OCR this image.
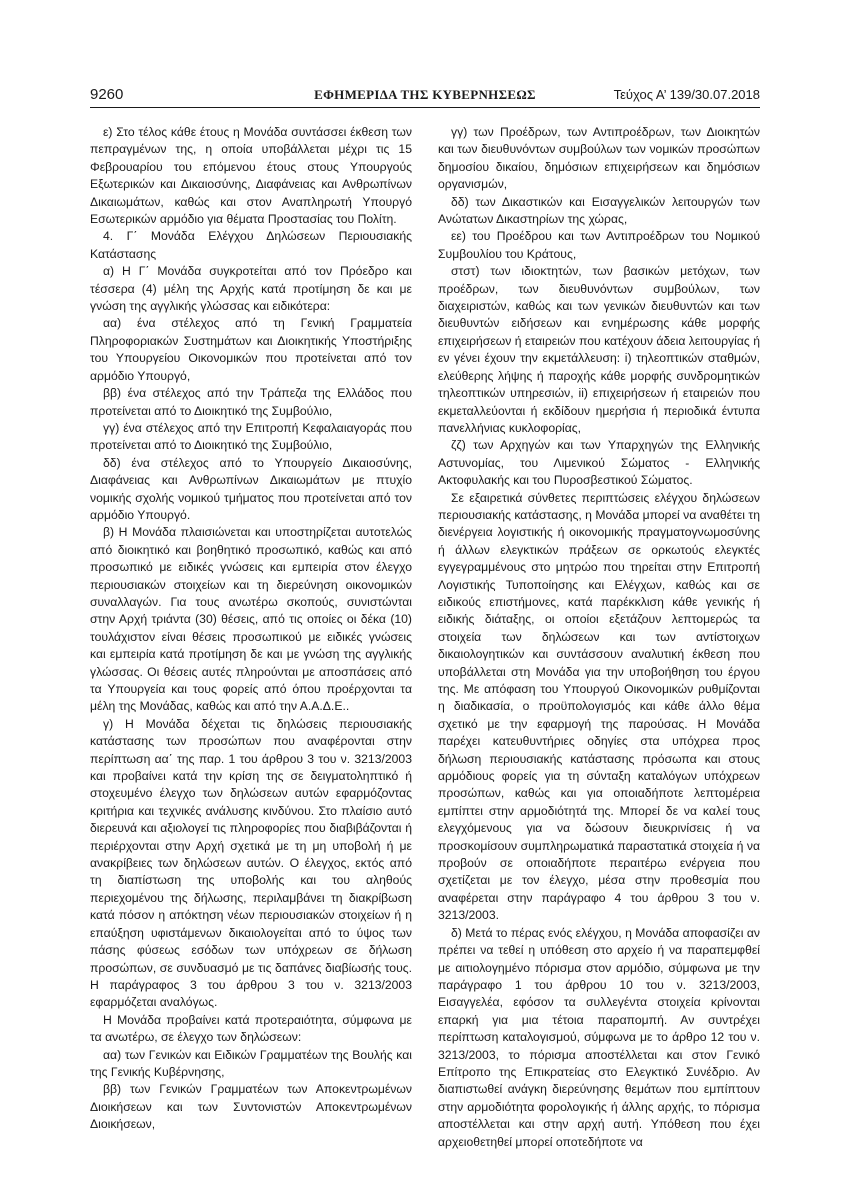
9260	ΕΦΗΜΕΡΙΔΑ ΤΗΣ ΚΥΒΕΡΝΗΣΕΩΣ	Τεύχος Α’ 139/30.07.2018

ε) Στο τέλος κάθε έτους η Μονάδα συντάσσει έκθεση των πεπραγμένων της, η οποία υποβάλλεται μέχρι τις 15 Φεβρουαρίου του επόμενου έτους στους Υπουργούς Εξωτερικών και Δικαιοσύνης, Διαφάνειας και Ανθρωπίνων Δικαιωμάτων, καθώς και στον Αναπληρωτή Υπουργό Εσωτερικών αρμόδιο για θέματα Προστασίας του Πολίτη.

4. Γ΄ Μονάδα Ελέγχου Δηλώσεων Περιουσιακής Κατάστασης

α) Η Γ΄ Μονάδα συγκροτείται από τον Πρόεδρο και τέσσερα (4) μέλη της Αρχής κατά προτίμηση δε και με γνώση της αγγλικής γλώσσας και ειδικότερα:

αα) ένα στέλεχος από τη Γενική Γραμματεία Πληροφοριακών Συστημάτων και Διοικητικής Υποστήριξης του Υπουργείου Οικονομικών που προτείνεται από τον αρμόδιο Υπουργό,

ββ) ένα στέλεχος από την Τράπεζα της Ελλάδος που προτείνεται από το Διοικητικό της Συμβούλιο,

γγ) ένα στέλεχος από την Επιτροπή Κεφαλαιαγοράς που προτείνεται από το Διοικητικό της Συμβούλιο,

δδ) ένα στέλεχος από το Υπουργείο Δικαιοσύνης, Διαφάνειας και Ανθρωπίνων Δικαιωμάτων με πτυχίο νομικής σχολής νομικού τμήματος που προτείνεται από τον αρμόδιο Υπουργό.

β) Η Μονάδα πλαισιώνεται και υποστηρίζεται αυτοτελώς από διοικητικό και βοηθητικό προσωπικό, καθώς και από προσωπικό με ειδικές γνώσεις και εμπειρία στον έλεγχο περιουσιακών στοιχείων και τη διερεύνηση οικονομικών συναλλαγών. Για τους ανωτέρω σκοπούς, συνιστώνται στην Αρχή τριάντα (30) θέσεις, από τις οποίες οι δέκα (10) τουλάχιστον είναι θέσεις προσωπικού με ειδικές γνώσεις και εμπειρία κατά προτίμηση δε και με γνώση της αγγλικής γλώσσας. Οι θέσεις αυτές πληρούνται με αποσπάσεις από τα Υπουργεία και τους φορείς από όπου προέρχονται τα μέλη της Μονάδας, καθώς και από την Α.Α.Δ.Ε..

γ) Η Μονάδα δέχεται τις δηλώσεις περιουσιακής κατάστασης των προσώπων που αναφέρονται στην περίπτωση αα΄ της παρ. 1 του άρθρου 3 του ν. 3213/2003 και προβαίνει κατά την κρίση της σε δειγματοληπτικό ή στοχευμένο έλεγχο των δηλώσεων αυτών εφαρμόζοντας κριτήρια και τεχνικές ανάλυσης κινδύνου. Στο πλαίσιο αυτό διερευνά και αξιολογεί τις πληροφορίες που διαβιβάζονται ή περιέρχονται στην Αρχή σχετικά με τη μη υποβολή ή με ανακρίβειες των δηλώσεων αυτών. Ο έλεγχος, εκτός από τη διαπίστωση της υποβολής και του αληθούς περιεχομένου της δήλωσης, περιλαμβάνει τη διακρίβωση κατά πόσον η απόκτηση νέων περιουσιακών στοιχείων ή η επαύξηση υφιστάμενων δικαιολογείται από το ύψος των πάσης φύσεως εσόδων των υπόχρεων σε δήλωση προσώπων, σε συνδυασμό με τις δαπάνες διαβίωσής τους. Η παράγραφος 3 του άρθρου 3 του ν. 3213/2003 εφαρμόζεται αναλόγως.

Η Μονάδα προβαίνει κατά προτεραιότητα, σύμφωνα με τα ανωτέρω, σε έλεγχο των δηλώσεων:

αα) των Γενικών και Ειδικών Γραμματέων της Βουλής και της Γενικής Κυβέρνησης,

ββ) των Γενικών Γραμματέων των Αποκεντρωμένων Διοικήσεων και των Συντονιστών Αποκεντρωμένων Διοικήσεων,

γγ) των Προέδρων, των Αντιπροέδρων, των Διοικητών και των διευθυνόντων συμβούλων των νομικών προσώπων δημοσίου δικαίου, δημόσιων επιχειρήσεων και δημόσιων οργανισμών,

δδ) των Δικαστικών και Εισαγγελικών λειτουργών των Ανώτατων Δικαστηρίων της χώρας,

εε) του Προέδρου και των Αντιπροέδρων του Νομικού Συμβουλίου του Κράτους,

στστ) των ιδιοκτητών, των βασικών μετόχων, των προέδρων, των διευθυνόντων συμβούλων, των διαχειριστών, καθώς και των γενικών διευθυντών και των διευθυντών ειδήσεων και ενημέρωσης κάθε μορφής επιχειρήσεων ή εταιρειών που κατέχουν άδεια λειτουργίας ή εν γένει έχουν την εκμετάλλευση: i) τηλεοπτικών σταθμών, ελεύθερης λήψης ή παροχής κάθε μορφής συνδρομητικών τηλεοπτικών υπηρεσιών, ii) επιχειρήσεων ή εταιρειών που εκμεταλλεύονται ή εκδίδουν ημερήσια ή περιοδικά έντυπα πανελλήνιας κυκλοφορίας,

ζζ) των Αρχηγών και των Υπαρχηγών της Ελληνικής Αστυνομίας, του Λιμενικού Σώματος - Ελληνικής Ακτοφυλακής και του Πυροσβεστικού Σώματος.

Σε εξαιρετικά σύνθετες περιπτώσεις ελέγχου δηλώσεων περιουσιακής κατάστασης, η Μονάδα μπορεί να αναθέτει τη διενέργεια λογιστικής ή οικονομικής πραγματογνωμοσύνης ή άλλων ελεγκτικών πράξεων σε ορκωτούς ελεγκτές εγγεγραμμένους στο μητρώο που τηρείται στην Επιτροπή Λογιστικής Τυποποίησης και Ελέγχων, καθώς και σε ειδικούς επιστήμονες, κατά παρέκκλιση κάθε γενικής ή ειδικής διάταξης, οι οποίοι εξετάζουν λεπτομερώς τα στοιχεία των δηλώσεων και των αντίστοιχων δικαιολογητικών και συντάσσουν αναλυτική έκθεση που υποβάλλεται στη Μονάδα για την υποβοήθηση του έργου της. Με απόφαση του Υπουργού Οικονομικών ρυθμίζονται η διαδικασία, ο προϋπολογισμός και κάθε άλλο θέμα σχετικό με την εφαρμογή της παρούσας. Η Μονάδα παρέχει κατευθυντήριες οδηγίες στα υπόχρεα προς δήλωση περιουσιακής κατάστασης πρόσωπα και στους αρμόδιους φορείς για τη σύνταξη καταλόγων υπόχρεων προσώπων, καθώς και για οποιαδήποτε λεπτομέρεια εμπίπτει στην αρμοδιότητά της. Μπορεί δε να καλεί τους ελεγχόμενους για να δώσουν διευκρινίσεις ή να προσκομίσουν συμπληρωματικά παραστατικά στοιχεία ή να προβούν σε οποιαδήποτε περαιτέρω ενέργεια που σχετίζεται με τον έλεγχο, μέσα στην προθεσμία που αναφέρεται στην παράγραφο 4 του άρθρου 3 του ν. 3213/2003.

δ) Μετά το πέρας ενός ελέγχου, η Μονάδα αποφασίζει αν πρέπει να τεθεί η υπόθεση στο αρχείο ή να παραπεμφθεί με αιτιολογημένο πόρισμα στον αρμόδιο, σύμφωνα με την παράγραφο 1 του άρθρου 10 του ν. 3213/2003, Εισαγγελέα, εφόσον τα συλλεγέντα στοιχεία κρίνονται επαρκή για μια τέτοια παραπομπή. Αν συντρέχει περίπτωση καταλογισμού, σύμφωνα με το άρθρο 12 του ν. 3213/2003, το πόρισμα αποστέλλεται και στον Γενικό Επίτροπο της Επικρατείας στο Ελεγκτικό Συνέδριο. Αν διαπιστωθεί ανάγκη διερεύνησης θεμάτων που εμπίπτουν στην αρμοδιότητα φορολογικής ή άλλης αρχής, το πόρισμα αποστέλλεται και στην αρχή αυτή. Υπόθεση που έχει αρχειοθετηθεί μπορεί οποτεδήποτε να
